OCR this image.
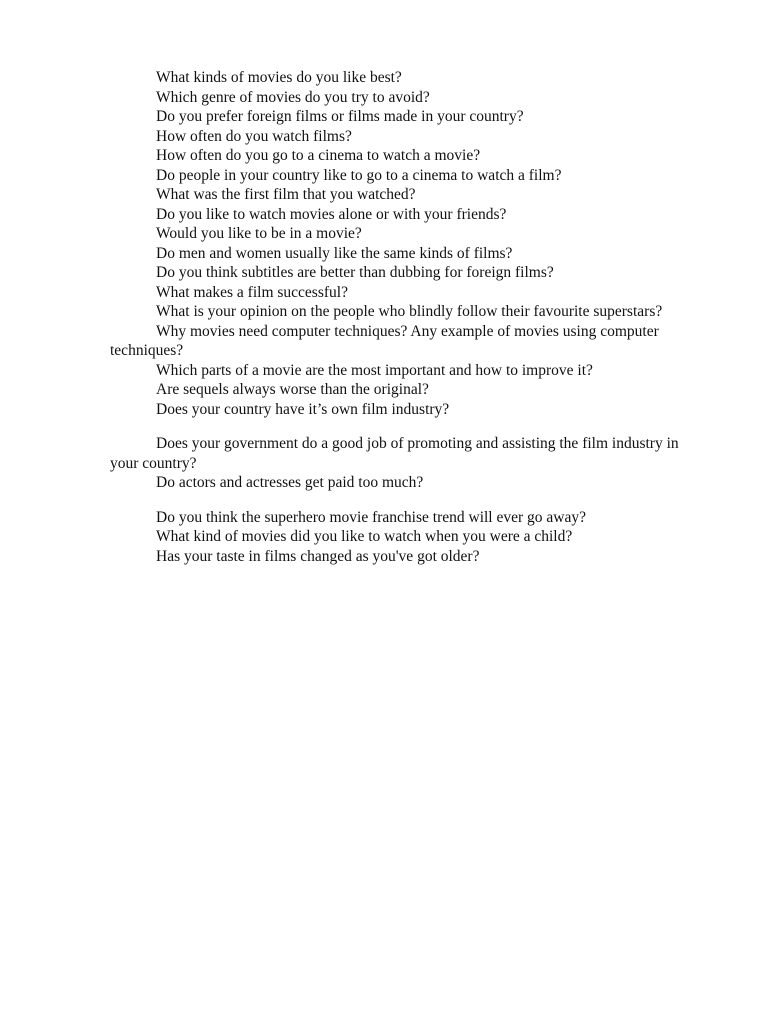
What kinds of movies do you like best?

Which genre of movies do you try to avoid?

Do you prefer foreign films or films made in your country?

How often do you watch films?

How often do you go to a cinema to watch a movie?

Do people in your country like to go to a cinema to watch a film?

What was the first film that you watched?

Do you like to watch movies alone or with your friends?

Would you like to be in a movie?

Do men and women usually like the same kinds of films?

Do you think subtitles are better than dubbing for foreign films?

What makes a film successful?

What is your opinion on the people who blindly follow their favourite superstars?

Why movies need computer techniques? Any example of movies using computer techniques?

Which parts of a movie are the most important and how to improve it?

Are sequels always worse than the original?

Does your country have it’s own film industry?

Does your government do a good job of promoting and assisting the film industry in your country?

Do actors and actresses get paid too much?

Do you think the superhero movie franchise trend will ever go away?

What kind of movies did you like to watch when you were a child?

Has your taste in films changed as you've got older?
